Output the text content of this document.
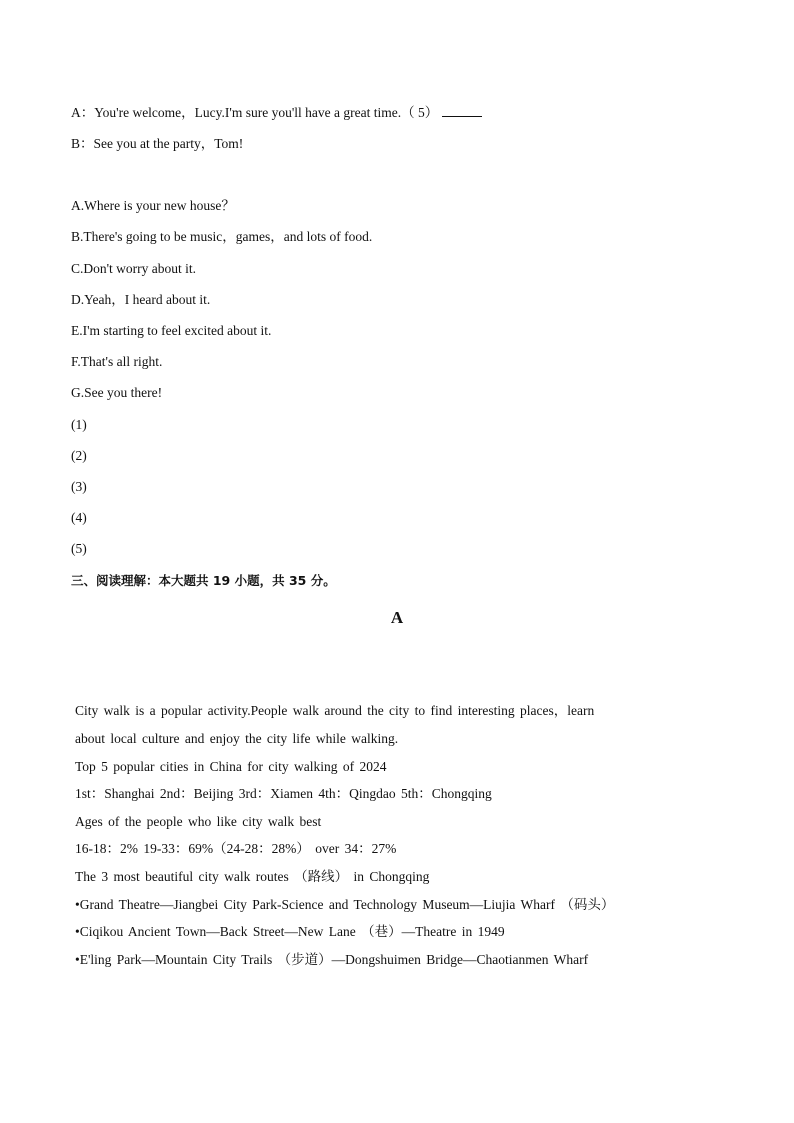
A：You're welcome，Lucy.I'm sure you'll have a great time.（ 5）
B：See you at the party，Tom!
A.Where is your new house？
B.There's going to be music，games，and lots of food.
C.Don't worry about it.
D.Yeah，I heard about it.
E.I'm starting to feel excited about it.
F.That's all right.
G.See you there!
(1)
(2)
(3)
(4)
(5)
三、阅读理解：本大题共 19 小题，共 35 分。
A
City walk is a popular activity.People walk around the city to find interesting places，learn
about local culture and enjoy the city life while walking.
Top 5 popular cities in China for city walking of 2024
1st：Shanghai 2nd：Beijing 3rd：Xiamen 4th：Qingdao 5th：Chongqing
Ages of the people who like city walk best
16-18：2% 19-33：69%（24-28：28%） over 34：27%
The 3 most beautiful city walk routes （路线） in Chongqing
•Grand Theatre—Jiangbei City Park-Science and Technology Museum—Liujia Wharf （码头）
•Ciqikou Ancient Town—Back Street—New Lane （巷）—Theatre in 1949
•E'ling Park—Mountain City Trails （步道）—Dongshuimen Bridge—Chaotianmen Wharf
